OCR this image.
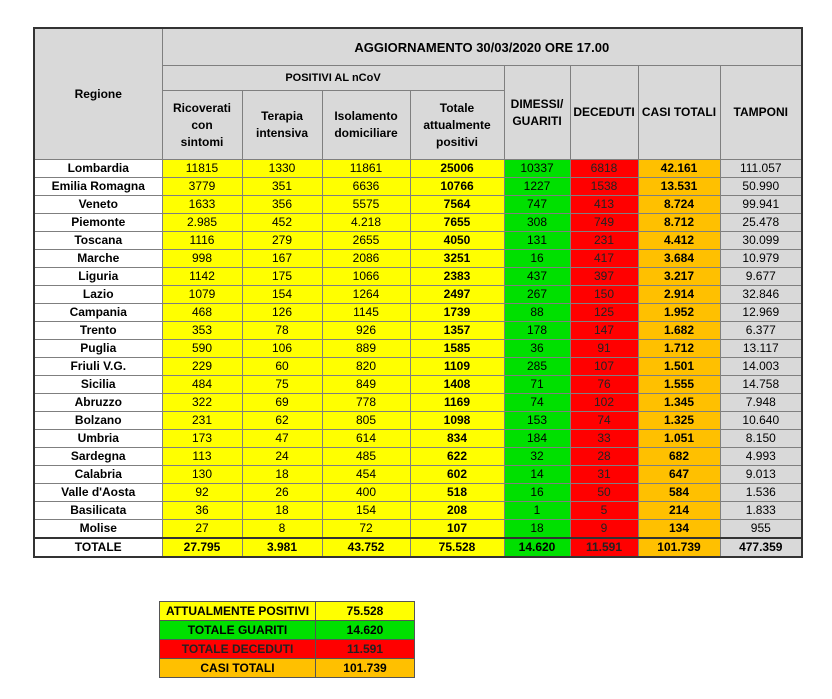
Regione	AGGIORNAMENTO 30/03/2020 ORE 17.00							
	POSITIVI AL nCoV				DIMESSI/ GUARITI	DECEDUTI	CASI TOTALI	TAMPONI
	Ricoverati con sintomi	Terapia intensiva	Isolamento domiciliare	Totale attualmente positivi				
Lombardia	11815	1330	11861	25006	10337	6818	42.161	111.057
Emilia Romagna	3779	351	6636	10766	1227	1538	13.531	50.990
Veneto	1633	356	5575	7564	747	413	8.724	99.941
Piemonte	2.985	452	4.218	7655	308	749	8.712	25.478
Toscana	1116	279	2655	4050	131	231	4.412	30.099
Marche	998	167	2086	3251	16	417	3.684	10.979
Liguria	1142	175	1066	2383	437	397	3.217	9.677
Lazio	1079	154	1264	2497	267	150	2.914	32.846
Campania	468	126	1145	1739	88	125	1.952	12.969
Trento	353	78	926	1357	178	147	1.682	6.377
Puglia	590	106	889	1585	36	91	1.712	13.117
Friuli V.G.	229	60	820	1109	285	107	1.501	14.003
Sicilia	484	75	849	1408	71	76	1.555	14.758
Abruzzo	322	69	778	1169	74	102	1.345	7.948
Bolzano	231	62	805	1098	153	74	1.325	10.640
Umbria	173	47	614	834	184	33	1.051	8.150
Sardegna	113	24	485	622	32	28	682	4.993
Calabria	130	18	454	602	14	31	647	9.013
Valle d'Aosta	92	26	400	518	16	50	584	1.536
Basilicata	36	18	154	208	1	5	214	1.833
Molise	27	8	72	107	18	9	134	955
TOTALE	27.795	3.981	43.752	75.528	14.620	11.591	101.739	477.359
ATTUALMENTE POSITIVI	75.528
TOTALE GUARITI	14.620
TOTALE DECEDUTI	11.591
CASI TOTALI	101.739
